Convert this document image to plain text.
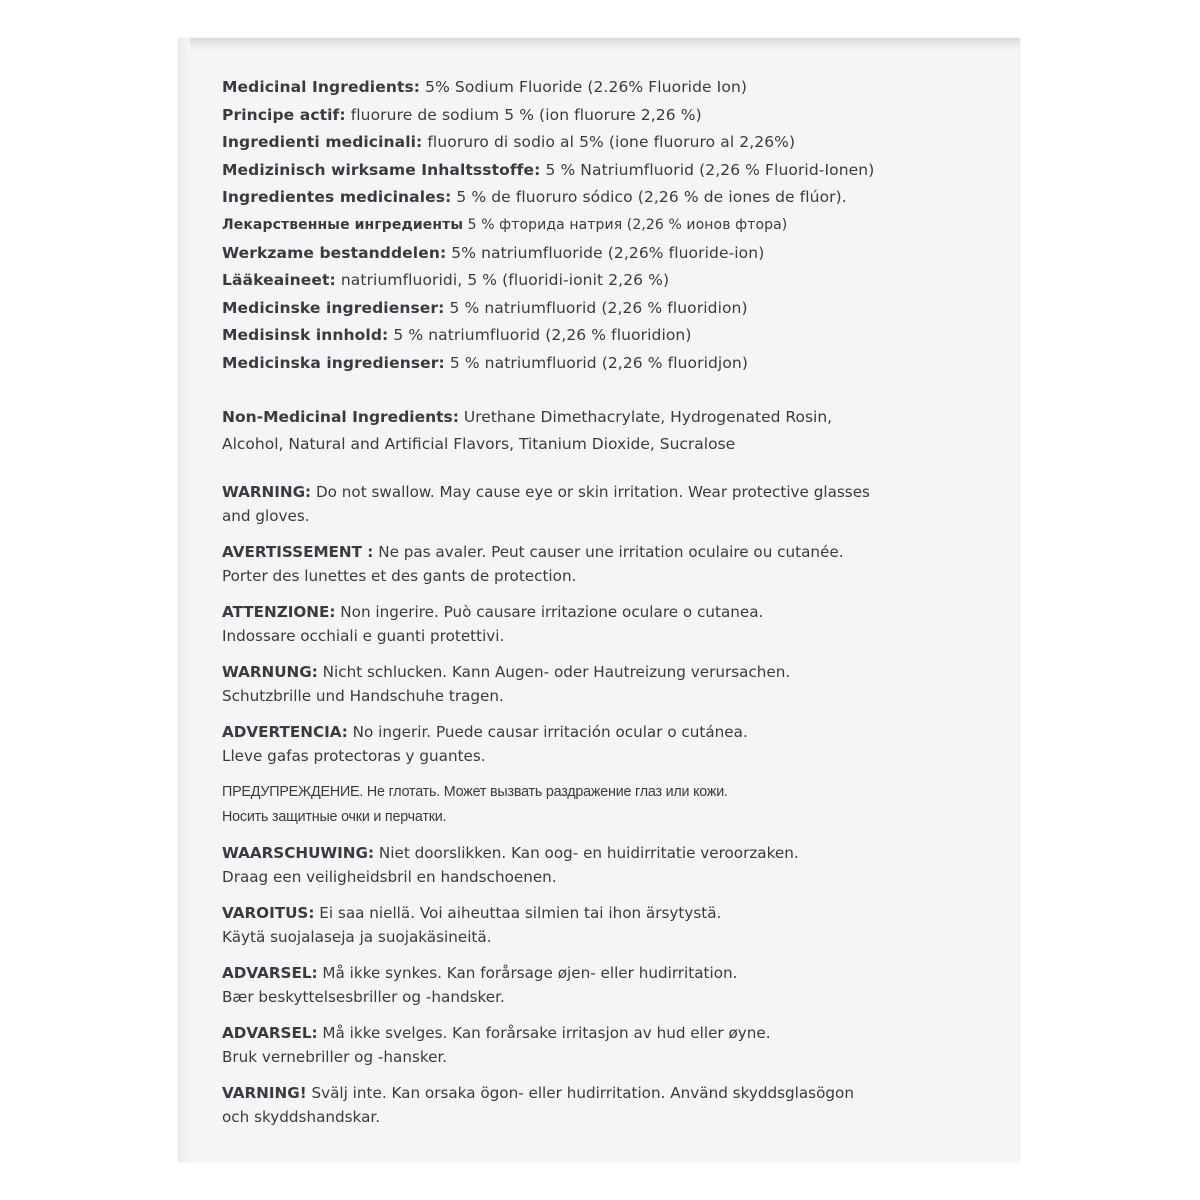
Medicinal Ingredients: 5% Sodium Fluoride (2.26% Fluoride Ion)
Principe actif: fluorure de sodium 5 % (ion fluorure 2,26 %)
Ingredienti medicinali: fluoruro di sodio al 5% (ione fluoruro al 2,26%)
Medizinisch wirksame Inhaltsstoffe: 5 % Natriumfluorid (2,26 % Fluorid-Ionen)
Ingredientes medicinales: 5 % de fluoruro sódico (2,26 % de iones de flúor).
Лекарственные ингредиенты 5 % фторида натрия (2,26 % ионов фтора)
Werkzame bestanddelen: 5% natriumfluoride (2,26% fluoride-ion)
Lääkeaineet: natriumfluoridi, 5 % (fluoridi-ionit 2,26 %)
Medicinske ingredienser: 5 % natriumfluorid (2,26 % fluoridion)
Medisinsk innhold: 5 % natriumfluorid (2,26 % fluoridion)
Medicinska ingredienser: 5 % natriumfluorid (2,26 % fluoridjon)
Non-Medicinal Ingredients: Urethane Dimethacrylate, Hydrogenated Rosin,
Alcohol, Natural and Artificial Flavors, Titanium Dioxide, Sucralose
WARNING: Do not swallow. May cause eye or skin irritation. Wear protective glasses
and gloves.
AVERTISSEMENT : Ne pas avaler. Peut causer une irritation oculaire ou cutanée.
Porter des lunettes et des gants de protection.
ATTENZIONE: Non ingerire. Può causare irritazione oculare o cutanea.
Indossare occhiali e guanti protettivi.
WARNUNG: Nicht schlucken. Kann Augen- oder Hautreizung verursachen.
Schutzbrille und Handschuhe tragen.
ADVERTENCIA: No ingerir. Puede causar irritación ocular o cutánea.
Lleve gafas protectoras y guantes.
ПРЕДУПРЕЖДЕНИЕ. Не глотать. Может вызвать раздражение глаз или кожи.
Носить защитные очки и перчатки.
WAARSCHUWING: Niet doorslikken. Kan oog- en huidirritatie veroorzaken.
Draag een veiligheidsbril en handschoenen.
VAROITUS: Ei saa niellä. Voi aiheuttaa silmien tai ihon ärsytystä.
Käytä suojalaseja ja suojakäsineitä.
ADVARSEL: Må ikke synkes. Kan forårsage øjen- eller hudirritation.
Bær beskyttelsesbriller og -handsker.
ADVARSEL: Må ikke svelges. Kan forårsake irritasjon av hud eller øyne.
Bruk vernebriller og -hansker.
VARNING! Svälj inte. Kan orsaka ögon- eller hudirritation. Använd skyddsglasögon
och skyddshandskar.
